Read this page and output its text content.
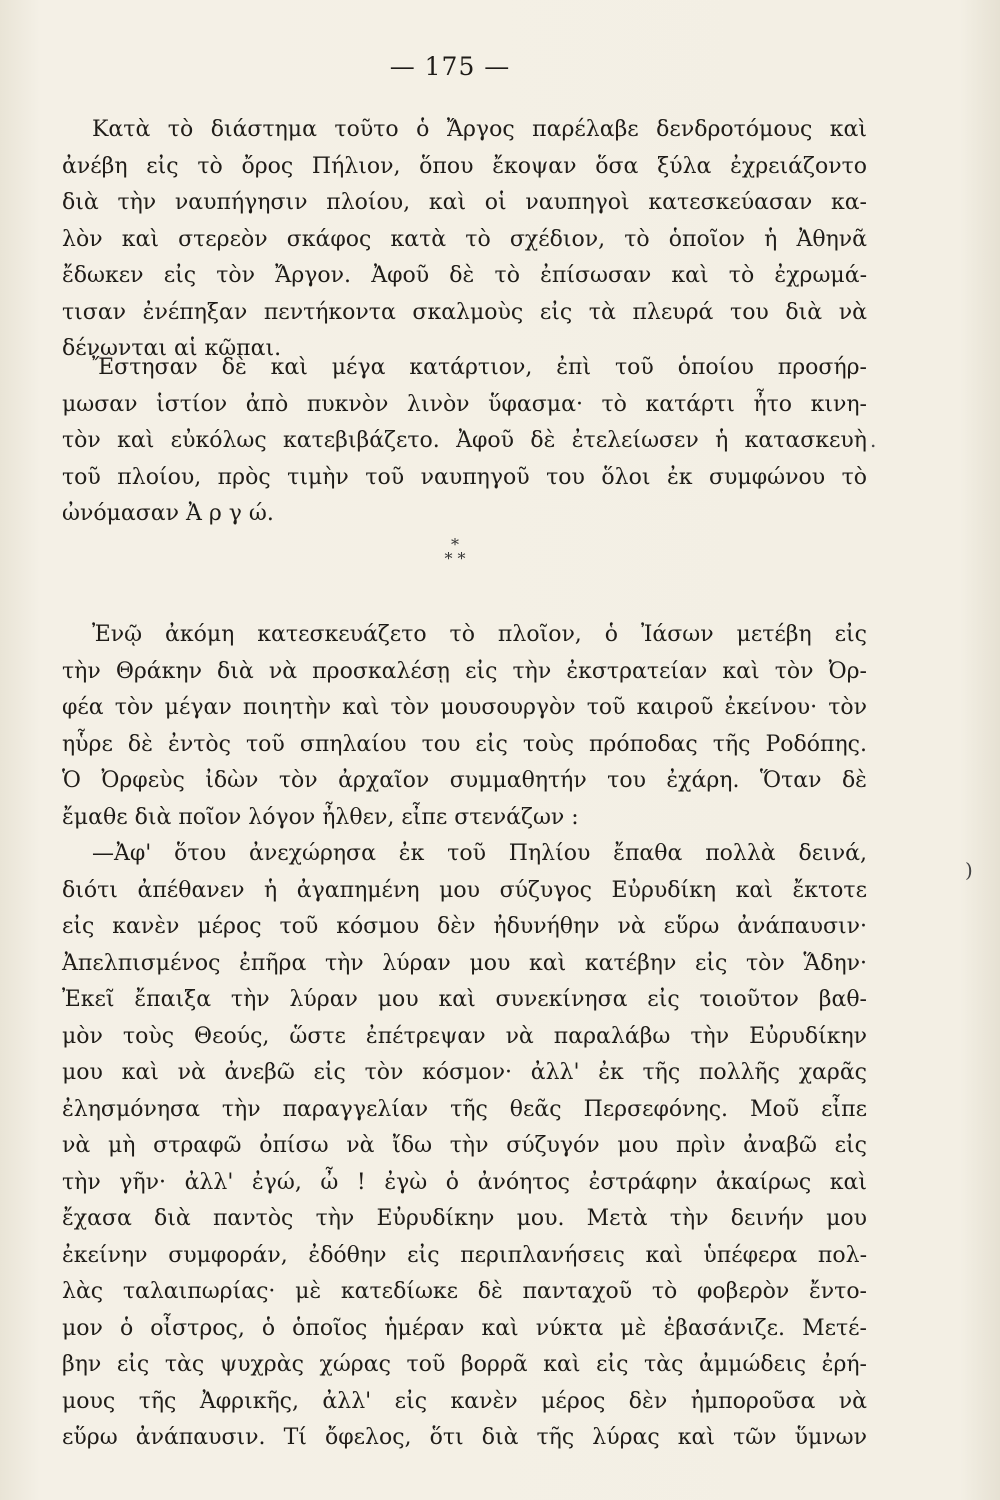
— 175 —
Κατὰ τὸ διάστημα τοῦτο ὁ Ἄργος παρέλαβε δενδροτόμους καὶ
ἀνέβη εἰς τὸ ὄρος Πήλιον, ὅπου ἔκοψαν ὅσα ξύλα ἐχρειάζοντο
διὰ τὴν ναυπήγησιν πλοίου, καὶ οἱ ναυπηγοὶ κατεσκεύασαν κα-
λὸν καὶ στερεὸν σκάφος κατὰ τὸ σχέδιον, τὸ ὁποῖον ἡ Ἀθηνᾶ
ἔδωκεν εἰς τὸν Ἄργον. Ἀφοῦ δὲ τὸ ἐπίσωσαν καὶ τὸ ἐχρωμά-
τισαν ἐνέπηξαν πεντήκοντα σκαλμοὺς εἰς τὰ πλευρά του διὰ νὰ
δένωνται αἱ κῶπαι.
Ἔστησαν δὲ καὶ μέγα κατάρτιον, ἐπὶ τοῦ ὁποίου προσήρ-
μωσαν ἱστίον ἀπὸ πυκνὸν λινὸν ὕφασμα· τὸ κατάρτι ἦτο κινη-
τὸν καὶ εὐκόλως κατεβιβάζετο. Ἀφοῦ δὲ ἐτελείωσεν ἡ κατασκευὴ
τοῦ πλοίου, πρὸς τιμὴν τοῦ ναυπηγοῦ του ὅλοι ἐκ συμφώνου τὸ
ὠνόμασαν Ἀ ρ γ ώ.
*
* *
Ἐνῷ ἀκόμη κατεσκευάζετο τὸ πλοῖον, ὁ Ἰάσων μετέβη εἰς
τὴν Θράκην διὰ νὰ προσκαλέσῃ εἰς τὴν ἐκστρατείαν καὶ τὸν Ὀρ-
φέα τὸν μέγαν ποιητὴν καὶ τὸν μουσουργὸν τοῦ καιροῦ ἐκείνου· τὸν
ηὗρε δὲ ἐντὸς τοῦ σπηλαίου του εἰς τοὺς πρόποδας τῆς Ροδόπης.
Ὁ Ὀρφεὺς ἰδὼν τὸν ἀρχαῖον συμμαθητήν του ἐχάρη. Ὅταν δὲ
ἔμαθε διὰ ποῖον λόγον ἦλθεν, εἶπε στενάζων :
—Ἀφ' ὅτου ἀνεχώρησα ἐκ τοῦ Πηλίου ἔπαθα πολλὰ δεινά,
διότι ἀπέθανεν ἡ ἀγαπημένη μου σύζυγος Εὐρυδίκη καὶ ἔκτοτε
εἰς κανὲν μέρος τοῦ κόσμου δὲν ἠδυνήθην νὰ εὕρω ἀνάπαυσιν·
Ἀπελπισμένος ἐπῆρα τὴν λύραν μου καὶ κατέβην εἰς τὸν Ἅδην·
Ἐκεῖ ἔπαιξα τὴν λύραν μου καὶ συνεκίνησα εἰς τοιοῦτον βαθ-
μὸν τοὺς Θεούς, ὥστε ἐπέτρεψαν νὰ παραλάβω τὴν Εὐρυδίκην
μου καὶ νὰ ἀνεβῶ εἰς τὸν κόσμον· ἀλλ' ἐκ τῆς πολλῆς χαρᾶς
ἐλησμόνησα τὴν παραγγελίαν τῆς θεᾶς Περσεφόνης. Μοῦ εἶπε
νὰ μὴ στραφῶ ὀπίσω νὰ ἴδω τὴν σύζυγόν μου πρὶν ἀναβῶ εἰς
τὴν γῆν· ἀλλ' ἐγώ, ὦ ! ἐγὼ ὁ ἀνόητος ἐστράφην ἀκαίρως καὶ
ἔχασα διὰ παντὸς τὴν Εὐρυδίκην μου. Μετὰ τὴν δεινήν μου
ἐκείνην συμφοράν, ἐδόθην εἰς περιπλανήσεις καὶ ὑπέφερα πολ-
λὰς ταλαιπωρίας· μὲ κατεδίωκε δὲ πανταχοῦ τὸ φοβερὸν ἔντο-
μον ὁ οἶστρος, ὁ ὁποῖος ἡμέραν καὶ νύκτα μὲ ἐβασάνιζε. Μετέ-
βην εἰς τὰς ψυχρὰς χώρας τοῦ βορρᾶ καὶ εἰς τὰς ἀμμώδεις ἐρή-
μους τῆς Ἀφρικῆς, ἀλλ' εἰς κανὲν μέρος δὲν ἠμποροῦσα νὰ
εὕρω ἀνάπαυσιν. Τί ὄφελος, ὅτι διὰ τῆς λύρας καὶ τῶν ὕμνων
.
)
